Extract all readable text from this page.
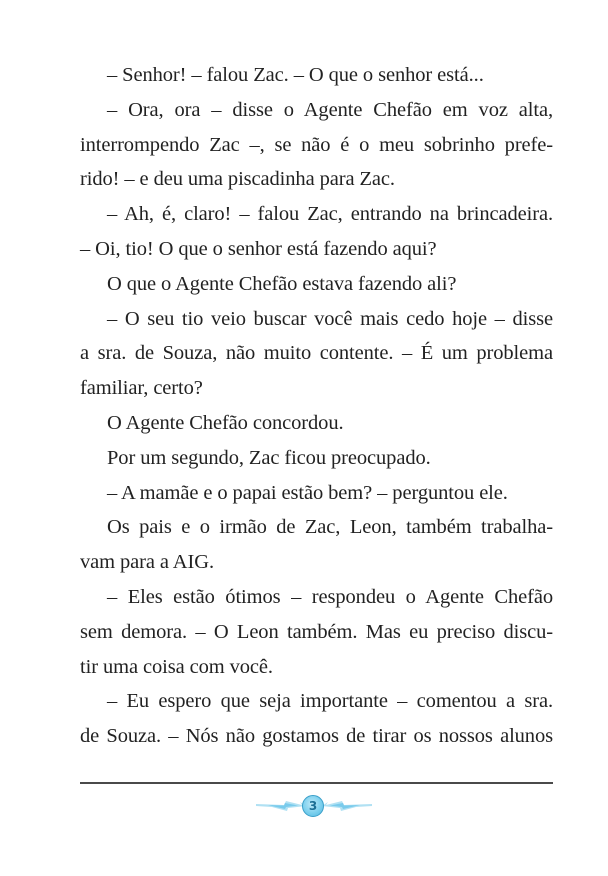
– Senhor! – falou Zac. – O que o senhor está...
– Ora, ora – disse o Agente Chefão em voz alta,
interrompendo Zac –, se não é o meu sobrinho prefe-
rido! – e deu uma piscadinha para Zac.
– Ah, é, claro! – falou Zac, entrando na brincadeira.
– Oi, tio! O que o senhor está fazendo aqui?
O que o Agente Chefão estava fazendo ali?
– O seu tio veio buscar você mais cedo hoje – disse
a sra. de Souza, não muito contente. – É um problema
familiar, certo?
O Agente Chefão concordou.
Por um segundo, Zac ficou preocupado.
– A mamãe e o papai estão bem? – perguntou ele.
Os pais e o irmão de Zac, Leon, também trabalha-
vam para a AIG.
– Eles estão ótimos – respondeu o Agente Chefão
sem demora. – O Leon também. Mas eu preciso discu-
tir uma coisa com você.
– Eu espero que seja importante – comentou a sra.
de Souza. – Nós não gostamos de tirar os nossos alunos
3
